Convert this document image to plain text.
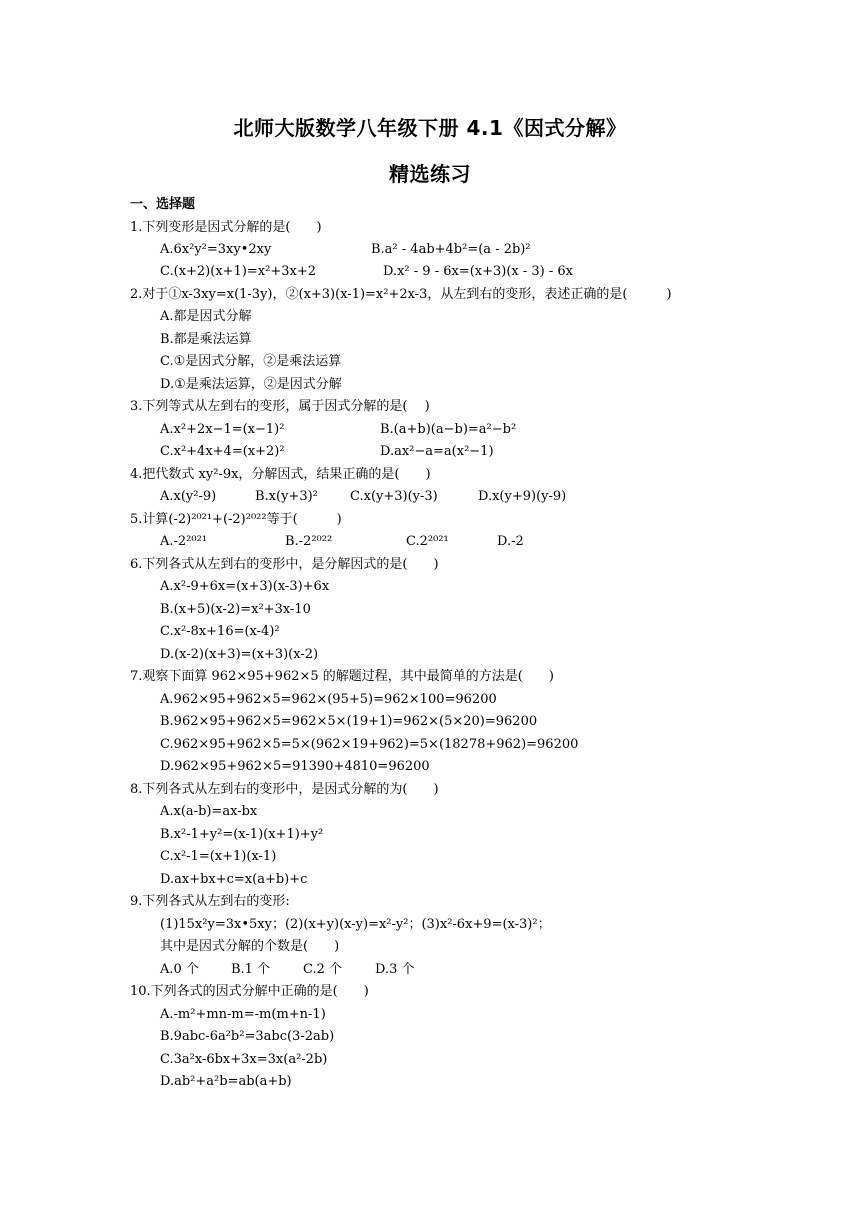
北师大版数学八年级下册 4.1《因式分解》
精选练习
一、选择题
1.下列变形是因式分解的是(　　)
A.6x²y²=3xy•2xy	B.a² - 4ab+4b²=(a - 2b)²
C.(x+2)(x+1)=x²+3x+2	D.x² - 9 - 6x=(x+3)(x - 3) - 6x
2.对于①x-3xy=x(1-3y)，②(x+3)(x-1)=x²+2x-3，从左到右的变形，表述正确的是(　　　)
A.都是因式分解
B.都是乘法运算
C.①是因式分解，②是乘法运算
D.①是乘法运算，②是因式分解
3.下列等式从左到右的变形，属于因式分解的是(　 )
A.x²+2x−1=(x−1)²	B.(a+b)(a−b)=a²−b²
C.x²+4x+4=(x+2)²	D.ax²−a=a(x²−1)
4.把代数式 xy²-9x，分解因式，结果正确的是(　　)
A.x(y²-9)	B.x(y+3)² C.x(y+3)(y-3)	D.x(y+9)(y-9)
5.计算(-2)²⁰²¹+(-2)²⁰²²等于(　　　)
A.-2²⁰²¹	B.-2²⁰²²	C.2²⁰²¹	D.-2
6.下列各式从左到右的变形中，是分解因式的是(　　)
A.x²-9+6x=(x+3)(x-3)+6x
B.(x+5)(x-2)=x²+3x-10
C.x²-8x+16=(x-4)²
D.(x-2)(x+3)=(x+3)(x-2)
7.观察下面算 962×95+962×5 的解题过程，其中最简单的方法是(　　)
A.962×95+962×5=962×(95+5)=962×100=96200
B.962×95+962×5=962×5×(19+1)=962×(5×20)=96200
C.962×95+962×5=5×(962×19+962)=5×(18278+962)=96200
D.962×95+962×5=91390+4810=96200
8.下列各式从左到右的变形中，是因式分解的为(　　)
A.x(a-b)=ax-bx
B.x²-1+y²=(x-1)(x+1)+y²
C.x²-1=(x+1)(x-1)
D.ax+bx+c=x(a+b)+c
9.下列各式从左到右的变形:
(1)15x²y=3x•5xy；(2)(x+y)(x-y)=x²-y²；(3)x²-6x+9=(x-3)²；
其中是因式分解的个数是(　　)
A.0 个 B.1 个	C.2 个	D.3 个
10.下列各式的因式分解中正确的是(　　)
A.-m²+mn-m=-m(m+n-1)
B.9abc-6a²b²=3abc(3-2ab)
C.3a²x-6bx+3x=3x(a²-2b)
D.ab²+a²b=ab(a+b)
